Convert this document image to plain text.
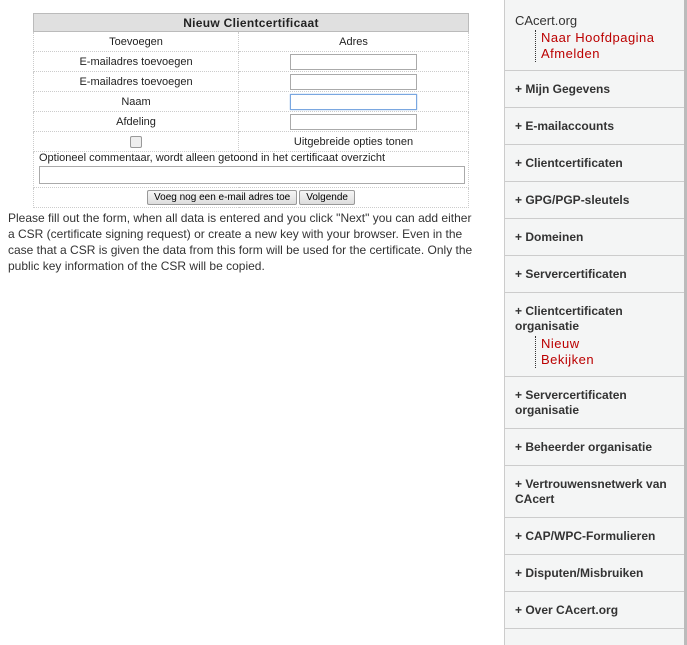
Nieuw Clientcertificaat	
Toevoegen	Adres
E-mailadres toevoegen	
E-mailadres toevoegen	
Naam	
Afdeling	
	Uitgebreide opties tonen
Optioneel commentaar, wordt alleen getoond in het certificaat overzicht	

Voeg nog een e-mail adres toe Volgende	

Please fill out the form, when all data is entered and you click "Next" you can add either a CSR (certificate signing request) or create a new key with your browser. Even in the case that a CSR is given the data from this form will be used for the certificate. Only the public key information of the CSR will be copied.

CAcert.org
Naar Hoofdpagina
Afmelden
+ Mijn Gegevens
+ E-mailaccounts
+ Clientcertificaten
+ GPG/PGP-sleutels
+ Domeinen
+ Servercertificaten
+ Clientcertificaten organisatie
Nieuw
Bekijken
+ Servercertificaten organisatie
+ Beheerder organisatie
+ Vertrouwensnetwerk van CAcert
+ CAP/WPC-Formulieren
+ Disputen/Misbruiken
+ Over CAcert.org
